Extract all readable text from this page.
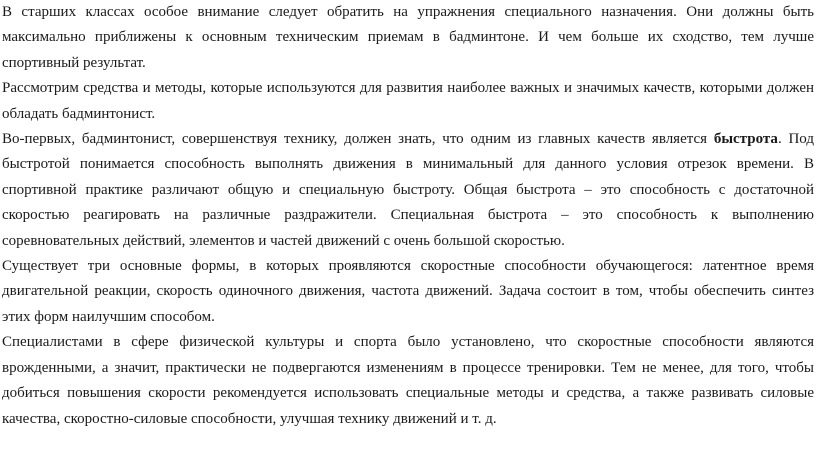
В старших классах особое внимание следует обратить на упражнения специального назначения. Они должны быть максимально приближены к основным техническим приемам в бадминтоне. И чем больше их сходство, тем лучше спортивный результат.

Рассмотрим средства и методы, которые используются для развития наиболее важных и значимых качеств, которыми должен обладать бадминтонист.

Во-первых, бадминтонист, совершенствуя технику, должен знать, что одним из главных качеств является быстрота. Под быстротой понимается способность выполнять движения в минимальный для данного условия отрезок времени. В спортивной практике различают общую и специальную быстроту. Общая быстрота – это способность с достаточной скоростью реагировать на различные раздражители. Специальная быстрота – это способность к выполнению соревновательных действий, элементов и частей движений с очень большой скоростью.

Существует три основные формы, в которых проявляются скоростные способности обучающегося: латентное время двигательной реакции, скорость одиночного движения, частота движений. Задача состоит в том, чтобы обеспечить синтез этих форм наилучшим способом.

Специалистами в сфере физической культуры и спорта было установлено, что скоростные способности являются врожденными, а значит, практически не подвергаются изменениям в процессе тренировки. Тем не менее, для того, чтобы добиться повышения скорости рекомендуется использовать специальные методы и средства, а также развивать силовые качества, скоростно-силовые способности, улучшая технику движений и т. д.
